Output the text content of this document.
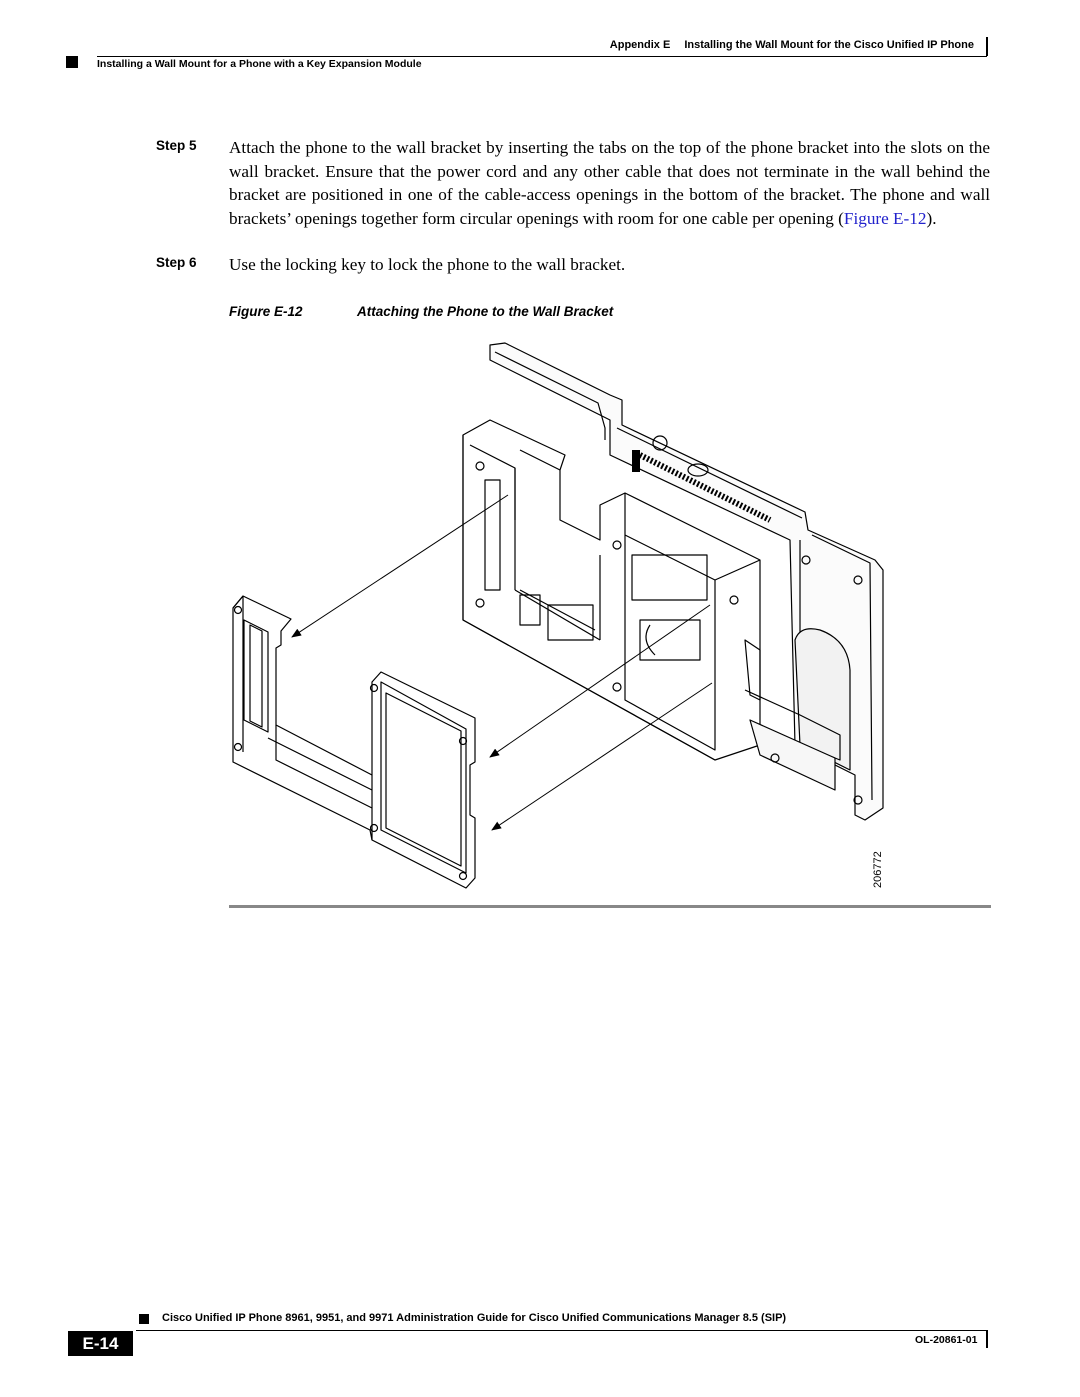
Appendix E Installing the Wall Mount for the Cisco Unified IP Phone
Installing a Wall Mount for a Phone with a Key Expansion Module
Step 5 Attach the phone to the wall bracket by inserting the tabs on the top of the phone bracket into the slots on the wall bracket. Ensure that the power cord and any other cable that does not terminate in the wall behind the bracket are positioned in one of the cable-access openings in the bottom of the bracket. The phone and wall brackets’ openings together form circular openings with room for one cable per opening (Figure E-12).
Step 6 Use the locking key to lock the phone to the wall bracket.
Figure E-12	Attaching the Phone to the Wall Bracket
206772
Cisco Unified IP Phone 8961, 9951, and 9971 Administration Guide for Cisco Unified Communications Manager 8.5 (SIP)
E-14	OL-20861-01
